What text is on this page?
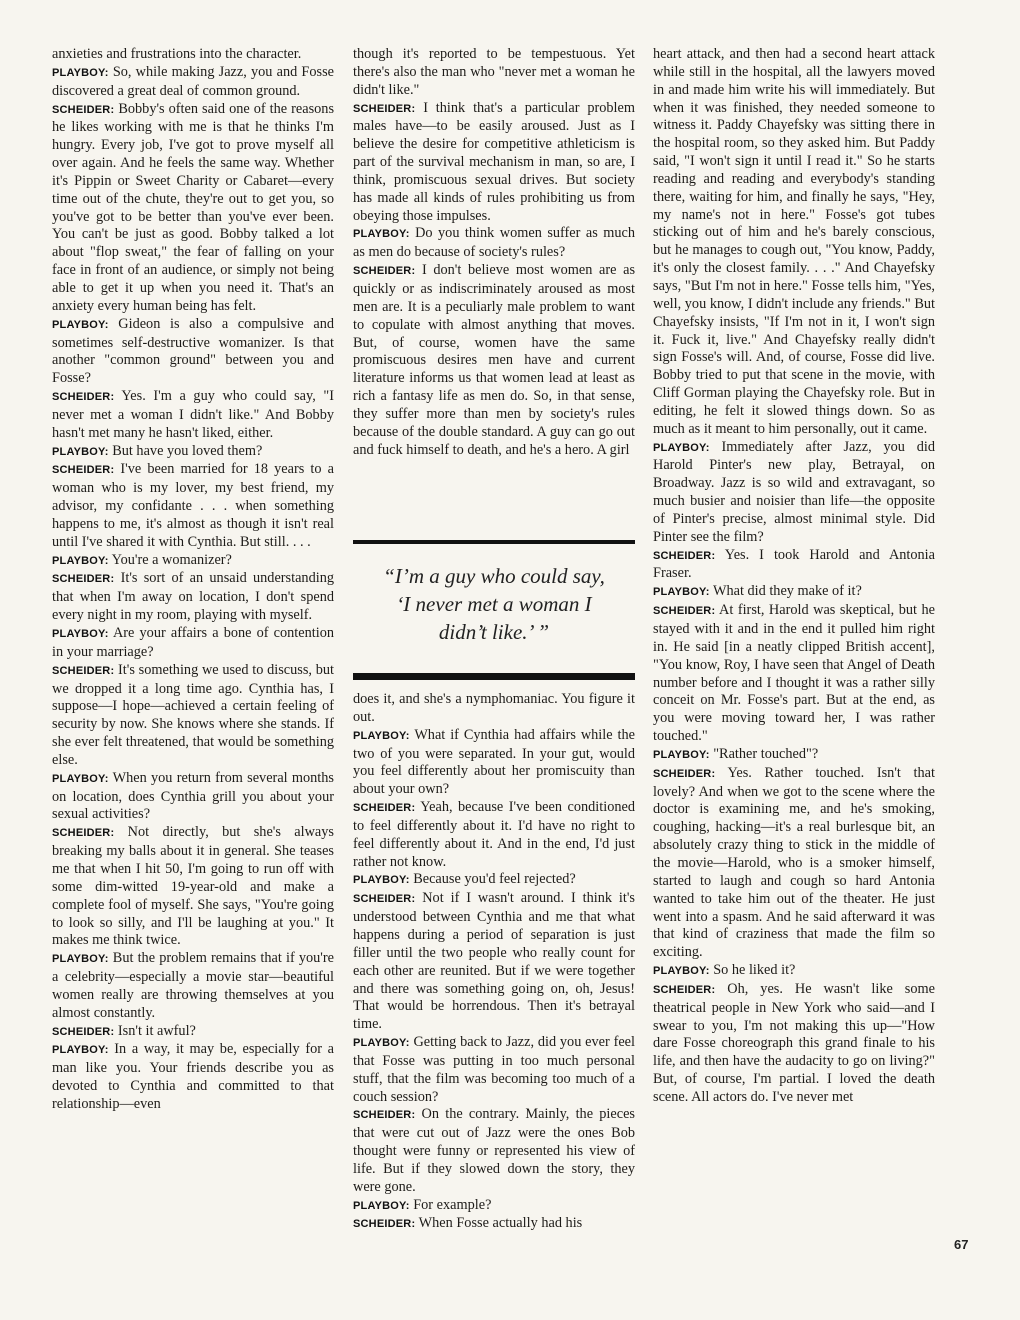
anxieties and frustrations into the character.

PLAYBOY: So, while making Jazz, you and Fosse discovered a great deal of common ground.

SCHEIDER: Bobby's often said one of the reasons he likes working with me is that he thinks I'm hungry. Every job, I've got to prove myself all over again. And he feels the same way. Whether it's Pippin or Sweet Charity or Cabaret—every time out of the chute, they're out to get you, so you've got to be better than you've ever been. You can't be just as good. Bobby talked a lot about "flop sweat," the fear of falling on your face in front of an audience, or simply not being able to get it up when you need it. That's an anxiety every human being has felt.

PLAYBOY: Gideon is also a compulsive and sometimes self-destructive womanizer. Is that another "common ground" between you and Fosse?

SCHEIDER: Yes. I'm a guy who could say, "I never met a woman I didn't like." And Bobby hasn't met many he hasn't liked, either.

PLAYBOY: But have you loved them?

SCHEIDER: I've been married for 18 years to a woman who is my lover, my best friend, my advisor, my confidante . . . when something happens to me, it's almost as though it isn't real until I've shared it with Cynthia. But still. . . .

PLAYBOY: You're a womanizer?

SCHEIDER: It's sort of an unsaid understanding that when I'm away on location, I don't spend every night in my room, playing with myself.

PLAYBOY: Are your affairs a bone of contention in your marriage?

SCHEIDER: It's something we used to discuss, but we dropped it a long time ago. Cynthia has, I suppose—I hope—achieved a certain feeling of security by now. She knows where she stands. If she ever felt threatened, that would be something else.

PLAYBOY: When you return from several months on location, does Cynthia grill you about your sexual activities?

SCHEIDER: Not directly, but she's always breaking my balls about it in general. She teases me that when I hit 50, I'm going to run off with some dim-witted 19-year-old and make a complete fool of myself. She says, "You're going to look so silly, and I'll be laughing at you." It makes me think twice.

PLAYBOY: But the problem remains that if you're a celebrity—especially a movie star—beautiful women really are throwing themselves at you almost constantly.

SCHEIDER: Isn't it awful?

PLAYBOY: In a way, it may be, especially for a man like you. Your friends describe you as devoted to Cynthia and committed to that relationship—even

though it's reported to be tempestuous. Yet there's also the man who "never met a woman he didn't like."

SCHEIDER: I think that's a particular problem males have—to be easily aroused. Just as I believe the desire for competitive athleticism is part of the survival mechanism in man, so are, I think, promiscuous sexual drives. But society has made all kinds of rules prohibiting us from obeying those impulses.

PLAYBOY: Do you think women suffer as much as men do because of society's rules?

SCHEIDER: I don't believe most women are as quickly or as indiscriminately aroused as most men are. It is a peculiarly male problem to want to copulate with almost anything that moves. But, of course, women have the same promiscuous desires men have and current literature informs us that women lead at least as rich a fantasy life as men do. So, in that sense, they suffer more than men by society's rules because of the double standard. A guy can go out and fuck himself to death, and he's a hero. A girl

“I’m a guy who could say,
‘I never met a woman I
didn’t like.’ ”

does it, and she's a nymphomaniac. You figure it out.

PLAYBOY: What if Cynthia had affairs while the two of you were separated. In your gut, would you feel differently about her promiscuity than about your own?

SCHEIDER: Yeah, because I've been conditioned to feel differently about it. I'd have no right to feel differently about it. And in the end, I'd just rather not know.

PLAYBOY: Because you'd feel rejected?

SCHEIDER: Not if I wasn't around. I think it's understood between Cynthia and me that what happens during a period of separation is just filler until the two people who really count for each other are reunited. But if we were together and there was something going on, oh, Jesus! That would be horrendous. Then it's betrayal time.

PLAYBOY: Getting back to Jazz, did you ever feel that Fosse was putting in too much personal stuff, that the film was becoming too much of a couch session?

SCHEIDER: On the contrary. Mainly, the pieces that were cut out of Jazz were the ones Bob thought were funny or represented his view of life. But if they slowed down the story, they were gone.

PLAYBOY: For example?

SCHEIDER: When Fosse actually had his

heart attack, and then had a second heart attack while still in the hospital, all the lawyers moved in and made him write his will immediately. But when it was finished, they needed someone to witness it. Paddy Chayefsky was sitting there in the hospital room, so they asked him. But Paddy said, "I won't sign it until I read it." So he starts reading and reading and everybody's standing there, waiting for him, and finally he says, "Hey, my name's not in here." Fosse's got tubes sticking out of him and he's barely conscious, but he manages to cough out, "You know, Paddy, it's only the closest family. . . ." And Chayefsky says, "But I'm not in here." Fosse tells him, "Yes, well, you know, I didn't include any friends." But Chayefsky insists, "If I'm not in it, I won't sign it. Fuck it, live." And Chayefsky really didn't sign Fosse's will. And, of course, Fosse did live. Bobby tried to put that scene in the movie, with Cliff Gorman playing the Chayefsky role. But in editing, he felt it slowed things down. So as much as it meant to him personally, out it came.

PLAYBOY: Immediately after Jazz, you did Harold Pinter's new play, Betrayal, on Broadway. Jazz is so wild and extravagant, so much busier and noisier than life—the opposite of Pinter's precise, almost minimal style. Did Pinter see the film?

SCHEIDER: Yes. I took Harold and Antonia Fraser.

PLAYBOY: What did they make of it?

SCHEIDER: At first, Harold was skeptical, but he stayed with it and in the end it pulled him right in. He said [in a neatly clipped British accent], "You know, Roy, I have seen that Angel of Death number before and I thought it was a rather silly conceit on Mr. Fosse's part. But at the end, as you were moving toward her, I was rather touched."

PLAYBOY: "Rather touched"?

SCHEIDER: Yes. Rather touched. Isn't that lovely? And when we got to the scene where the doctor is examining me, and he's smoking, coughing, hacking—it's a real burlesque bit, an absolutely crazy thing to stick in the middle of the movie—Harold, who is a smoker himself, started to laugh and cough so hard Antonia wanted to take him out of the theater. He just went into a spasm. And he said afterward it was that kind of craziness that made the film so exciting.

PLAYBOY: So he liked it?

SCHEIDER: Oh, yes. He wasn't like some theatrical people in New York who said—and I swear to you, I'm not making this up—"How dare Fosse choreograph this grand finale to his life, and then have the audacity to go on living?" But, of course, I'm partial. I loved the death scene. All actors do. I've never met

67
